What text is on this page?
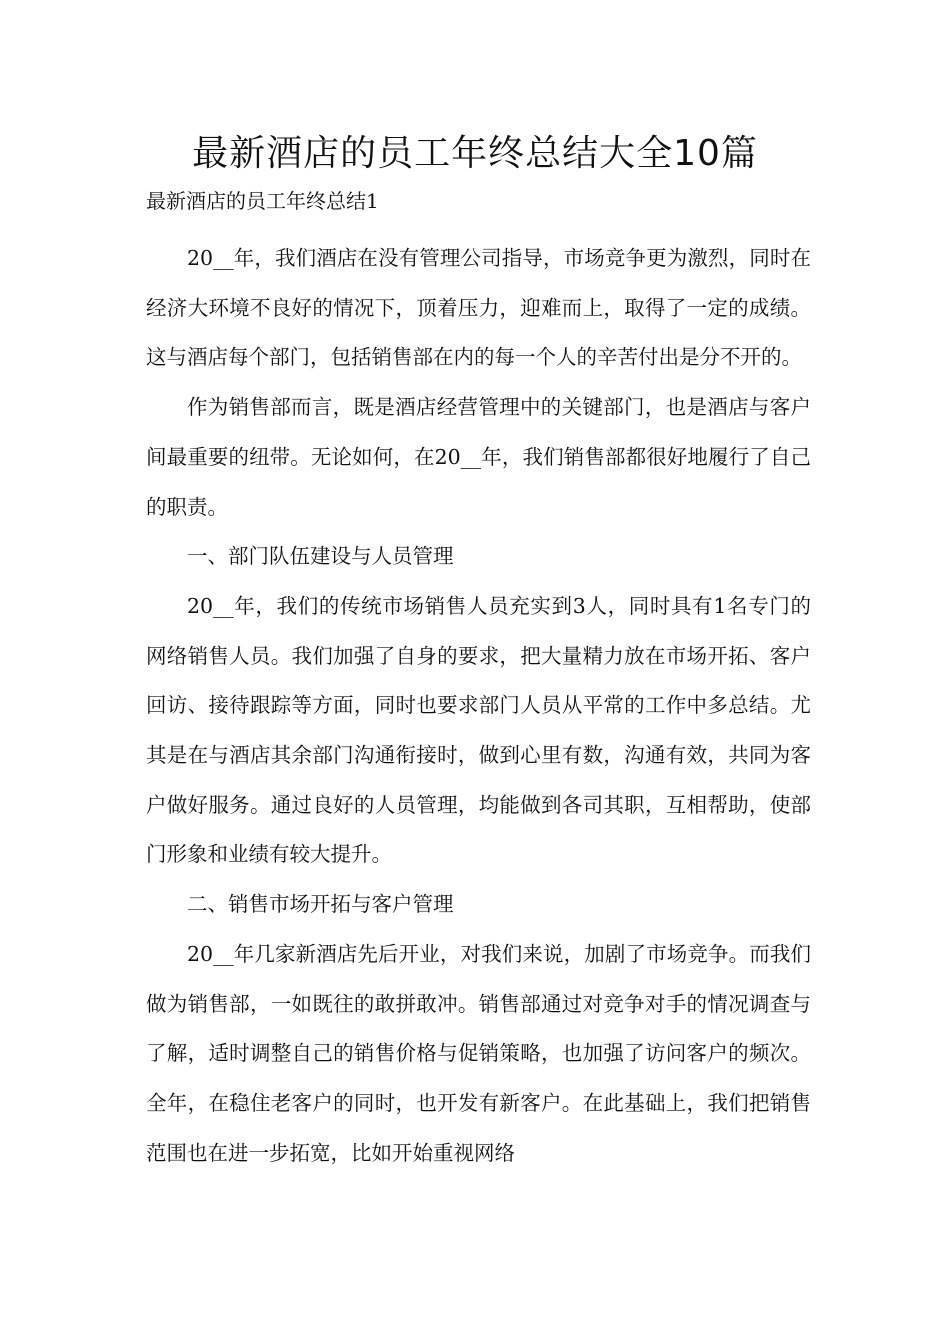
最新酒店的员工年终总结大全10篇

最新酒店的员工年终总结1

20__年，我们酒店在没有管理公司指导，市场竞争更为激烈，同时在经济大环境不良好的情况下，顶着压力，迎难而上，取得了一定的成绩。这与酒店每个部门，包括销售部在内的每一个人的辛苦付出是分不开的。

作为销售部而言，既是酒店经营管理中的关键部门，也是酒店与客户间最重要的纽带。无论如何，在20__年，我们销售部都很好地履行了自己的职责。

一、部门队伍建设与人员管理

20__年，我们的传统市场销售人员充实到3人，同时具有1名专门的网络销售人员。我们加强了自身的要求，把大量精力放在市场开拓、客户回访、接待跟踪等方面，同时也要求部门人员从平常的工作中多总结。尤其是在与酒店其余部门沟通衔接时，做到心里有数，沟通有效，共同为客户做好服务。通过良好的人员管理，均能做到各司其职，互相帮助，使部门形象和业绩有较大提升。

二、销售市场开拓与客户管理

20__年几家新酒店先后开业，对我们来说，加剧了市场竞争。而我们做为销售部，一如既往的敢拼敢冲。销售部通过对竞争对手的情况调查与了解，适时调整自己的销售价格与促销策略，也加强了访问客户的频次。全年，在稳住老客户的同时，也开发有新客户。在此基础上，我们把销售范围也在进一步拓宽，比如开始重视网络
